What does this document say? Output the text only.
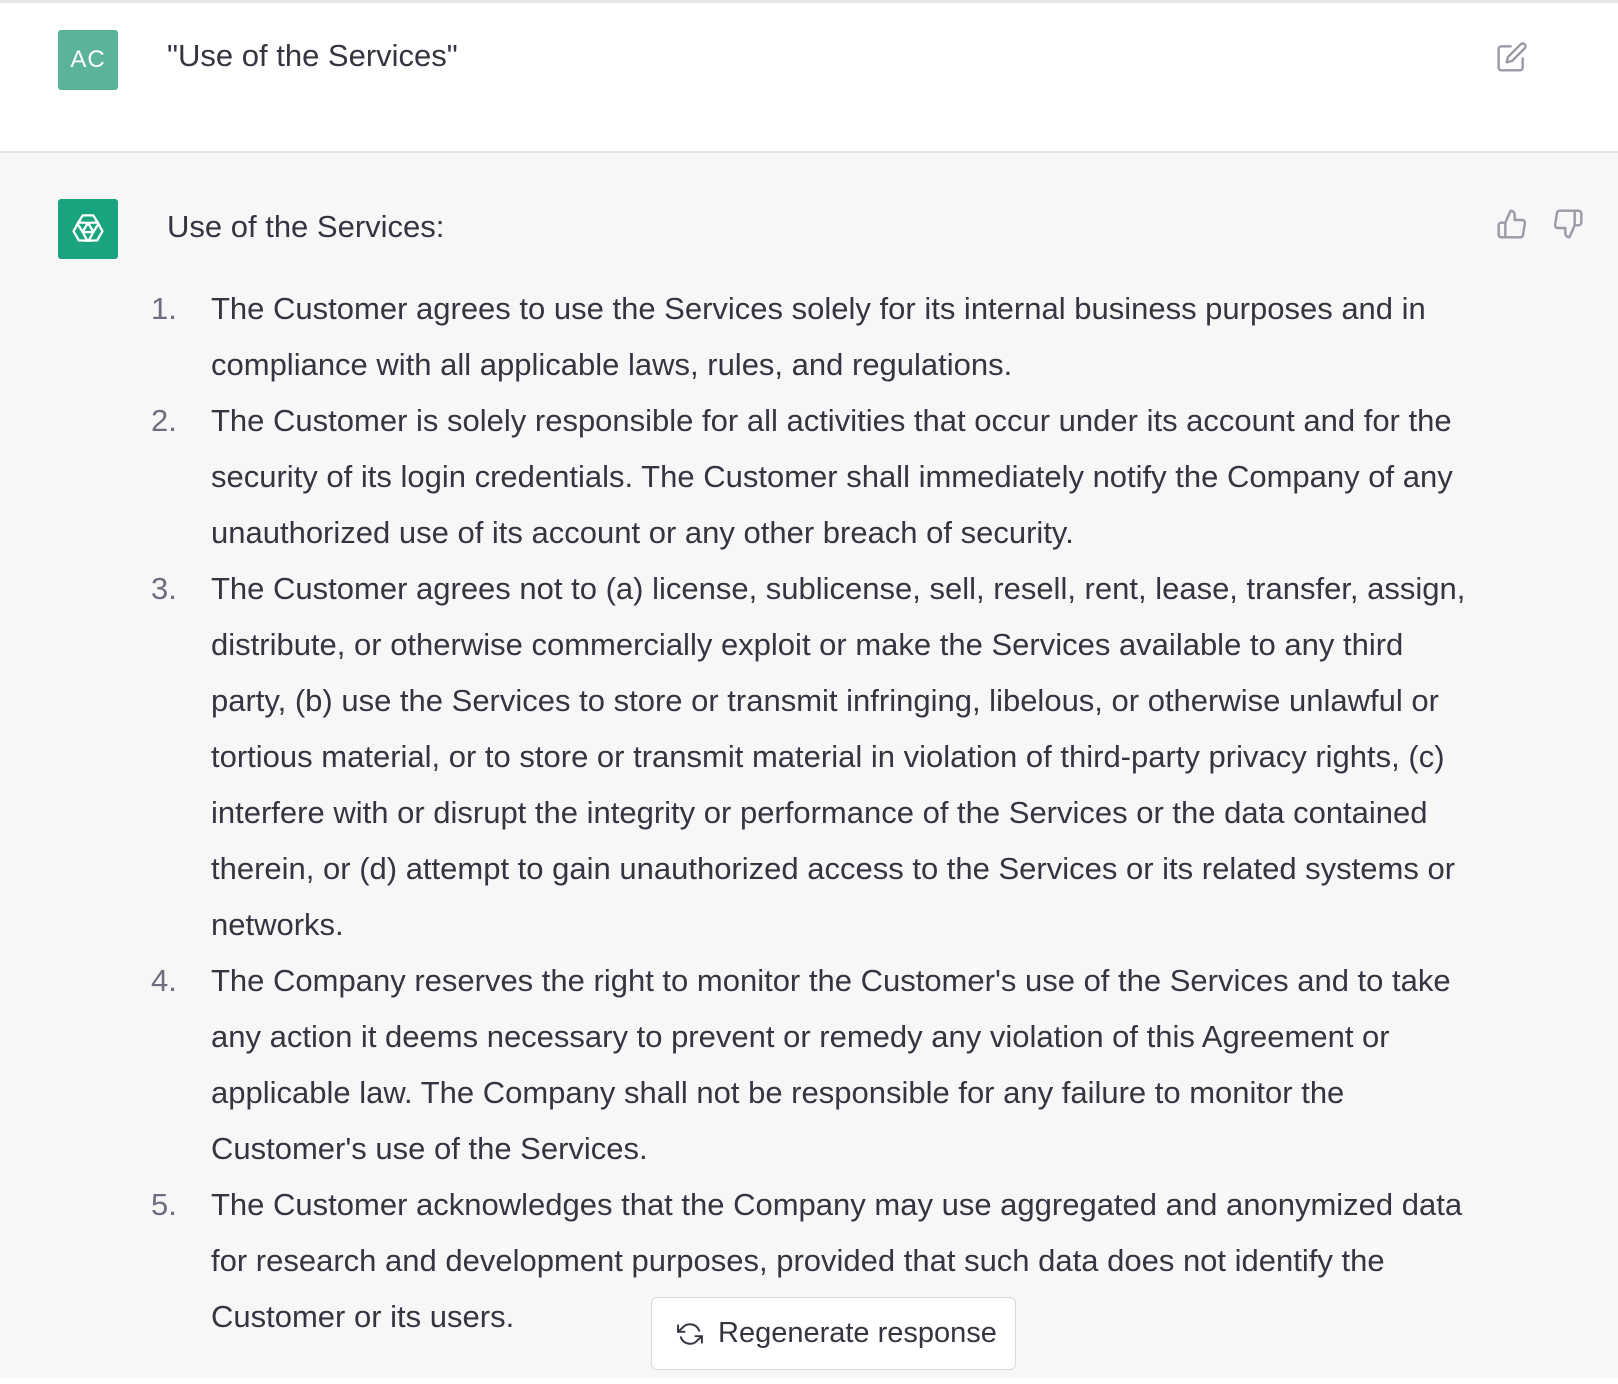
AC	"Use of the Services"
Use of the Services:
1. The Customer agrees to use the Services solely for its internal business purposes and in compliance with all applicable laws, rules, and regulations.
2. The Customer is solely responsible for all activities that occur under its account and for the security of its login credentials. The Customer shall immediately notify the Company of any unauthorized use of its account or any other breach of security.
3. The Customer agrees not to (a) license, sublicense, sell, resell, rent, lease, transfer, assign, distribute, or otherwise commercially exploit or make the Services available to any third party, (b) use the Services to store or transmit infringing, libelous, or otherwise unlawful or tortious material, or to store or transmit material in violation of third-party privacy rights, (c) interfere with or disrupt the integrity or performance of the Services or the data contained therein, or (d) attempt to gain unauthorized access to the Services or its related systems or networks.
4. The Company reserves the right to monitor the Customer's use of the Services and to take any action it deems necessary to prevent or remedy any violation of this Agreement or applicable law. The Company shall not be responsible for any failure to monitor the Customer's use of the Services.
5. The Customer acknowledges that the Company may use aggregated and anonymized data for research and development purposes, provided that such data does not identify the Customer or its users.	Regenerate response
